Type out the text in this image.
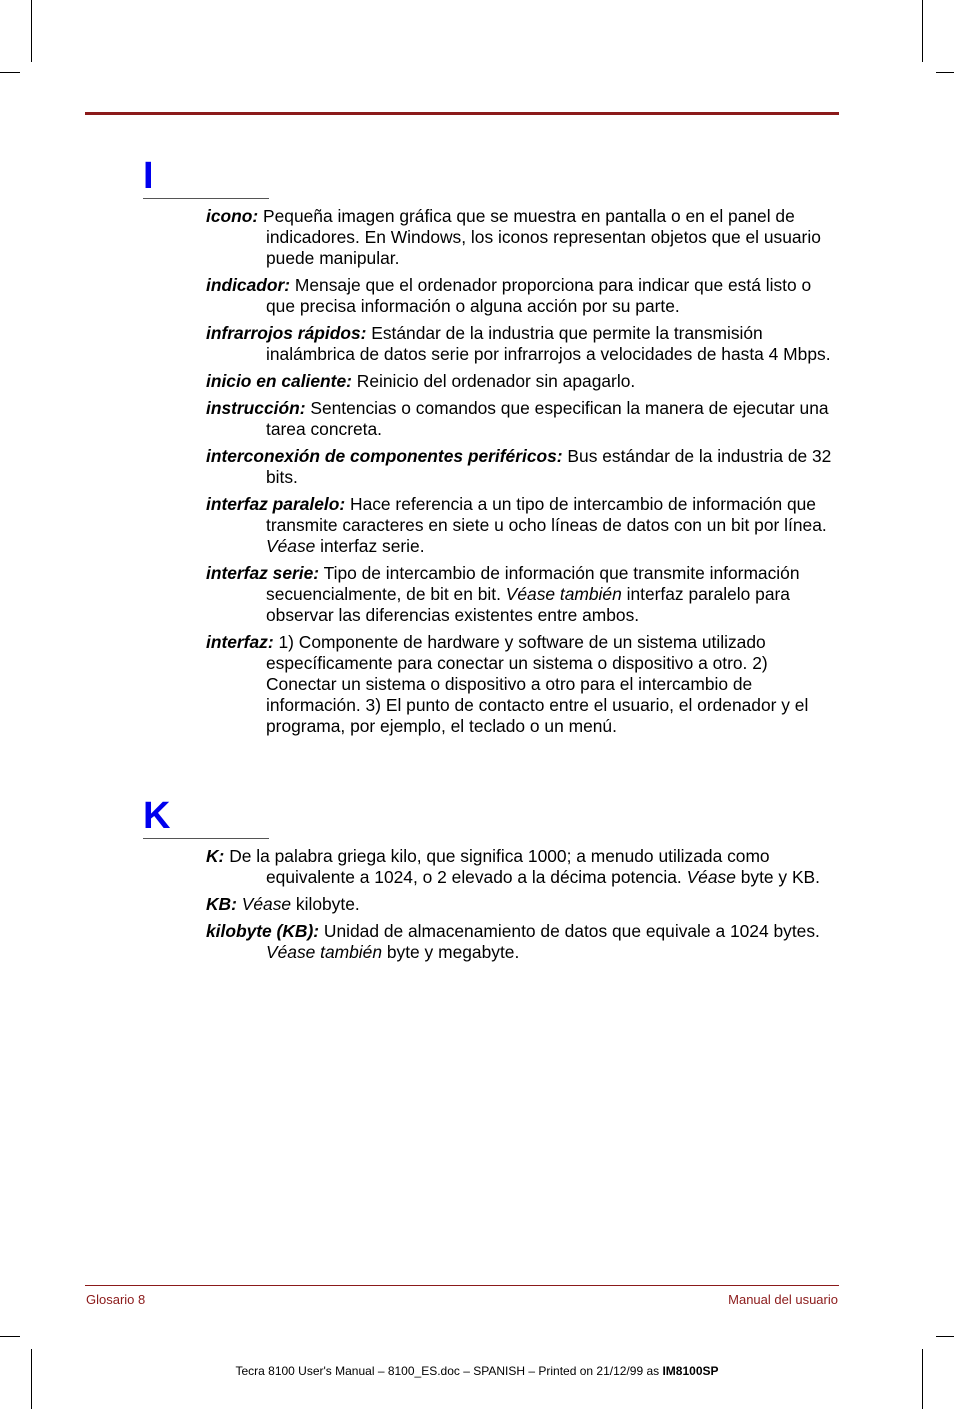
I

icono: Pequeña imagen gráfica que se muestra en pantalla o en el panel de indicadores. En Windows, los iconos representan objetos que el usuario puede manipular.

indicador: Mensaje que el ordenador proporciona para indicar que está listo o que precisa información o alguna acción por su parte.

infrarrojos rápidos: Estándar de la industria que permite la transmisión inalámbrica de datos serie por infrarrojos a velocidades de hasta 4 Mbps.

inicio en caliente: Reinicio del ordenador sin apagarlo.

instrucción: Sentencias o comandos que especifican la manera de ejecutar una tarea concreta.

interconexión de componentes periféricos: Bus estándar de la industria de 32 bits.

interfaz paralelo: Hace referencia a un tipo de intercambio de información que transmite caracteres en siete u ocho líneas de datos con un bit por línea. Véase interfaz serie.

interfaz serie: Tipo de intercambio de información que transmite información secuencialmente, de bit en bit. Véase también interfaz paralelo para observar las diferencias existentes entre ambos.

interfaz: 1) Componente de hardware y software de un sistema utilizado específicamente para conectar un sistema o dispositivo a otro. 2) Conectar un sistema o dispositivo a otro para el intercambio de información. 3) El punto de contacto entre el usuario, el ordenador y el programa, por ejemplo, el teclado o un menú.

K

K: De la palabra griega kilo, que significa 1000; a menudo utilizada como equivalente a 1024, o 2 elevado a la décima potencia. Véase byte y KB.

KB: Véase kilobyte.

kilobyte (KB): Unidad de almacenamiento de datos que equivale a 1024 bytes. Véase también byte y megabyte.

Glosario 8	Manual del usuario
Tecra 8100 User's Manual – 8100_ES.doc – SPANISH – Printed on 21/12/99 as IM8100SP
